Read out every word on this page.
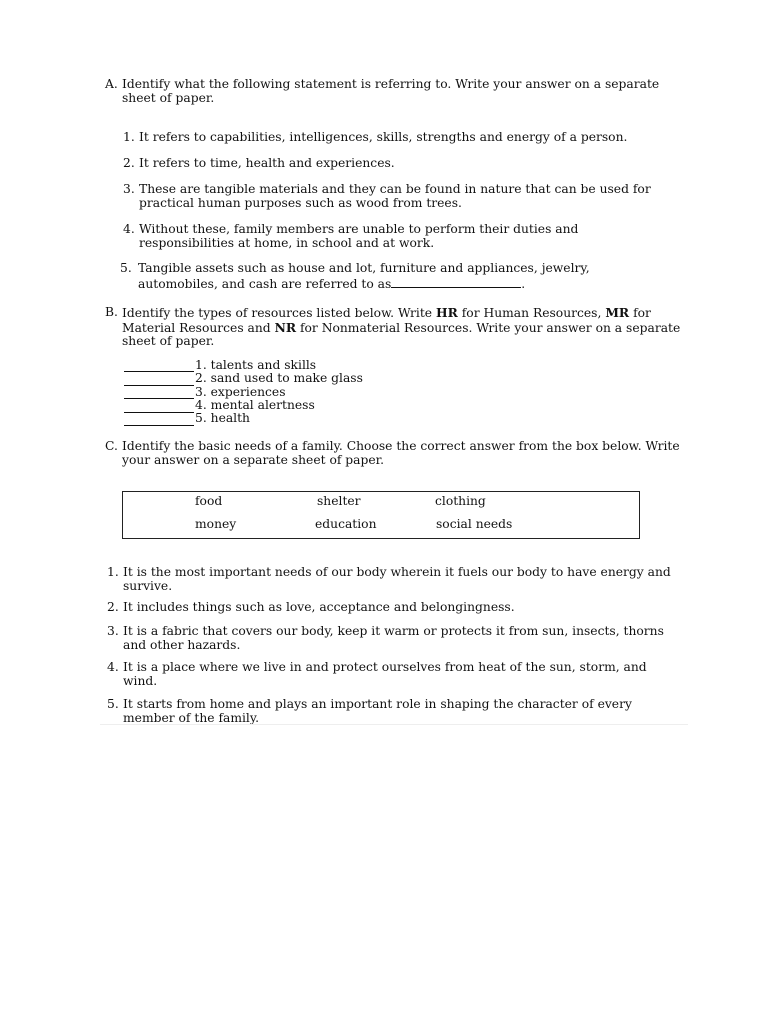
A. Identify what the following statement is referring to. Write your answer on a separate sheet of paper.
1. It refers to capabilities, intelligences, skills, strengths and energy of a person.
2. It refers to time, health and experiences.
3. These are tangible materials and they can be found in nature that can be used for practical human purposes such as wood from trees.
4. Without these, family members are unable to perform their duties and responsibilities at home, in school and at work.
5. Tangible assets such as house and lot, furniture and appliances, jewelry, automobiles, and cash are referred to as	.
B. Identify the types of resources listed below. Write HR for Human Resources, MR for Material Resources and NR for Nonmaterial Resources. Write your answer on a separate sheet of paper.
1.
talents and skills
2.
sand used to make glass
3.
experiences
4.
mental alertness
5.
health
C. Identify the basic needs of a family. Choose the correct answer from the box below. Write your answer on a separate sheet of paper.
food	shelter	clothing
money	education	social needs
1. It is the most important needs of our body wherein it fuels our body to have energy and survive.
2. It includes things such as love, acceptance and belongingness.
3. It is a fabric that covers our body, keep it warm or protects it from sun, insects, thorns and other hazards.
4. It is a place where we live in and protect ourselves from heat of the sun, storm, and wind.
5. It starts from home and plays an important role in shaping the character of every member of the family.
